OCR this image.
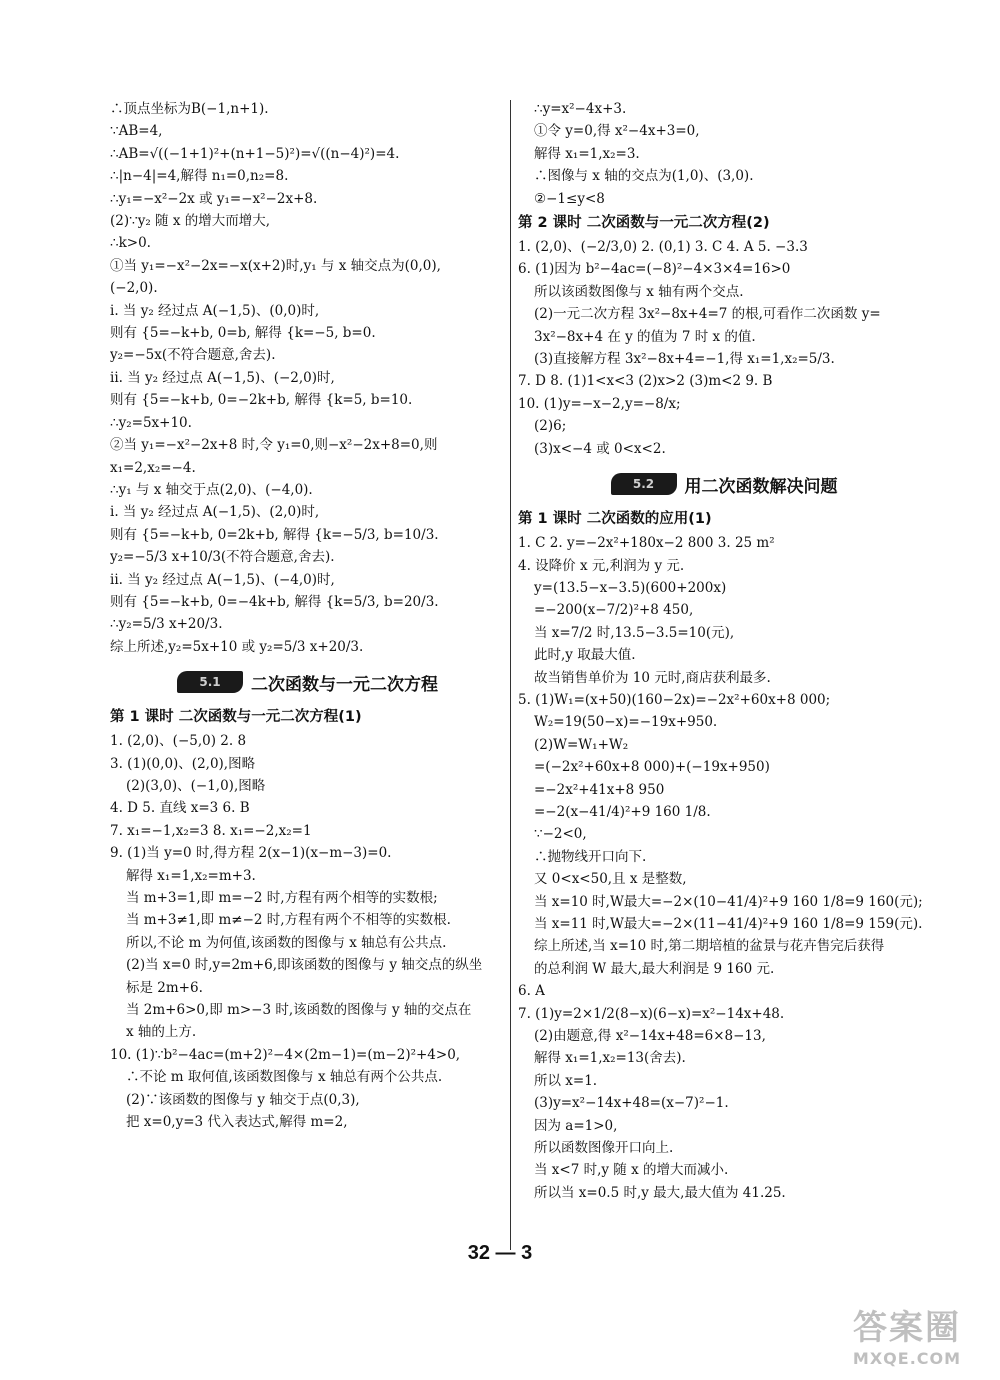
∴顶点坐标为B(−1,n+1).
∵AB=4,
∴AB=√((−1+1)²+(n+1−5)²)=√((n−4)²)=4.
∴|n−4|=4,解得 n₁=0,n₂=8.
∴y₁=−x²−2x 或 y₁=−x²−2x+8.
(2)∵y₂ 随 x 的增大而增大,
∴k>0.
①当 y₁=−x²−2x=−x(x+2)时,y₁ 与 x 轴交点为(0,0),
(−2,0).
i. 当 y₂ 经过点 A(−1,5)、(0,0)时,
则有 {5=−k+b, 0=b, 解得 {k=−5, b=0.
y₂=−5x(不符合题意,舍去).
ii. 当 y₂ 经过点 A(−1,5)、(−2,0)时,
则有 {5=−k+b, 0=−2k+b, 解得 {k=5, b=10.
∴y₂=5x+10.
②当 y₁=−x²−2x+8 时,令 y₁=0,则−x²−2x+8=0,则
x₁=2,x₂=−4.
∴y₁ 与 x 轴交于点(2,0)、(−4,0).
i. 当 y₂ 经过点 A(−1,5)、(2,0)时,
则有 {5=−k+b, 0=2k+b, 解得 {k=−5/3, b=10/3.
y₂=−5/3 x+10/3(不符合题意,舍去).
ii. 当 y₂ 经过点 A(−1,5)、(−4,0)时,
则有 {5=−k+b, 0=−4k+b, 解得 {k=5/3, b=20/3.
∴y₂=5/3 x+20/3.
综上所述,y₂=5x+10 或 y₂=5/3 x+20/3.
5.1	二次函数与一元二次方程
第 1 课时 二次函数与一元二次方程(1)
1. (2,0)、(−5,0) 2. 8
3. (1)(0,0)、(2,0),图略
(2)(3,0)、(−1,0),图略
4. D 5. 直线 x=3 6. B
7. x₁=−1,x₂=3 8. x₁=−2,x₂=1
9. (1)当 y=0 时,得方程 2(x−1)(x−m−3)=0.
解得 x₁=1,x₂=m+3.
当 m+3=1,即 m=−2 时,方程有两个相等的实数根;
当 m+3≠1,即 m≠−2 时,方程有两个不相等的实数根.
所以,不论 m 为何值,该函数的图像与 x 轴总有公共点.
(2)当 x=0 时,y=2m+6,即该函数的图像与 y 轴交点的纵坐
标是 2m+6.
当 2m+6>0,即 m>−3 时,该函数的图像与 y 轴的交点在
x 轴的上方.
10. (1)∵b²−4ac=(m+2)²−4×(2m−1)=(m−2)²+4>0,
∴不论 m 取何值,该函数图像与 x 轴总有两个公共点.
(2)∵该函数的图像与 y 轴交于点(0,3),
把 x=0,y=3 代入表达式,解得 m=2,
∴y=x²−4x+3.
①令 y=0,得 x²−4x+3=0,
解得 x₁=1,x₂=3.
∴图像与 x 轴的交点为(1,0)、(3,0).
②−1≤y<8
第 2 课时 二次函数与一元二次方程(2)
1. (2,0)、(−2/3,0) 2. (0,1) 3. C 4. A 5. −3.3
6. (1)因为 b²−4ac=(−8)²−4×3×4=16>0
所以该函数图像与 x 轴有两个交点.
(2)一元二次方程 3x²−8x+4=7 的根,可看作二次函数 y=
3x²−8x+4 在 y 的值为 7 时 x 的值.
(3)直接解方程 3x²−8x+4=−1,得 x₁=1,x₂=5/3.
7. D 8. (1)1<x<3 (2)x>2 (3)m<2 9. B
10. (1)y=−x−2,y=−8/x;
(2)6;
(3)x<−4 或 0<x<2.
5.2	用二次函数解决问题
第 1 课时 二次函数的应用(1)
1. C 2. y=−2x²+180x−2 800 3. 25 m²
4. 设降价 x 元,利润为 y 元.
y=(13.5−x−3.5)(600+200x)
=−200(x−7/2)²+8 450,
当 x=7/2 时,13.5−3.5=10(元),
此时,y 取最大值.
故当销售单价为 10 元时,商店获利最多.
5. (1)W₁=(x+50)(160−2x)=−2x²+60x+8 000;
W₂=19(50−x)=−19x+950.
(2)W=W₁+W₂
=(−2x²+60x+8 000)+(−19x+950)
=−2x²+41x+8 950
=−2(x−41/4)²+9 160 1/8.
∵−2<0,
∴抛物线开口向下.
又 0<x<50,且 x 是整数,
当 x=10 时,W最大=−2×(10−41/4)²+9 160 1/8=9 160(元);
当 x=11 时,W最大=−2×(11−41/4)²+9 160 1/8=9 159(元).
综上所述,当 x=10 时,第二期培植的盆景与花卉售完后获得
的总利润 W 最大,最大利润是 9 160 元.
6. A
7. (1)y=2×1/2(8−x)(6−x)=x²−14x+48.
(2)由题意,得 x²−14x+48=6×8−13,
解得 x₁=1,x₂=13(舍去).
所以 x=1.
(3)y=x²−14x+48=(x−7)²−1.
因为 a=1>0,
所以函数图像开口向上.
当 x<7 时,y 随 x 的增大而减小.
所以当 x=0.5 时,y 最大,最大值为 41.25.
32 — 3
答案圈
MXQE.COM
